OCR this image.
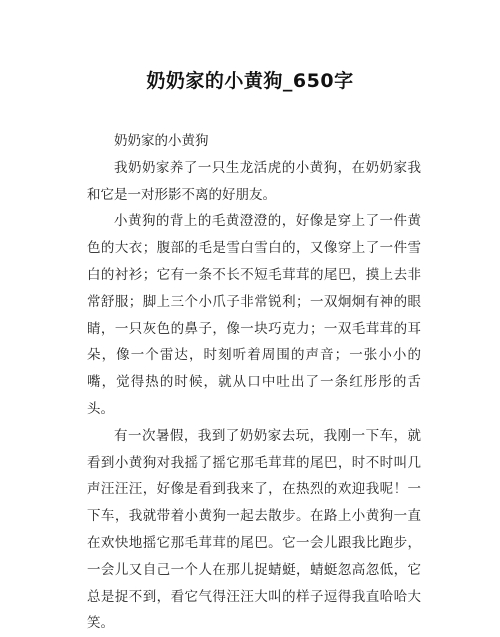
奶奶家的小黄狗_650字

奶奶家的小黄狗

我奶奶家养了一只生龙活虎的小黄狗，在奶奶家我和它是一对形影不离的好朋友。

小黄狗的背上的毛黄澄澄的，好像是穿上了一件黄色的大衣；腹部的毛是雪白雪白的，又像穿上了一件雪白的衬衫；它有一条不长不短毛茸茸的尾巴，摸上去非常舒服；脚上三个小爪子非常锐利；一双炯炯有神的眼睛，一只灰色的鼻子，像一块巧克力；一双毛茸茸的耳朵，像一个雷达，时刻听着周围的声音；一张小小的嘴，觉得热的时候，就从口中吐出了一条红彤彤的舌头。

有一次暑假，我到了奶奶家去玩，我刚一下车，就看到小黄狗对我摇了摇它那毛茸茸的尾巴，时不时叫几声汪汪汪，好像是看到我来了，在热烈的欢迎我呢！一下车，我就带着小黄狗一起去散步。在路上小黄狗一直在欢快地摇它那毛茸茸的尾巴。它一会儿跟我比跑步，一会儿又自己一个人在那儿捉蜻蜓，蜻蜓忽高忽低，它总是捉不到，看它气得汪汪大叫的样子逗得我直哈哈大笑。
